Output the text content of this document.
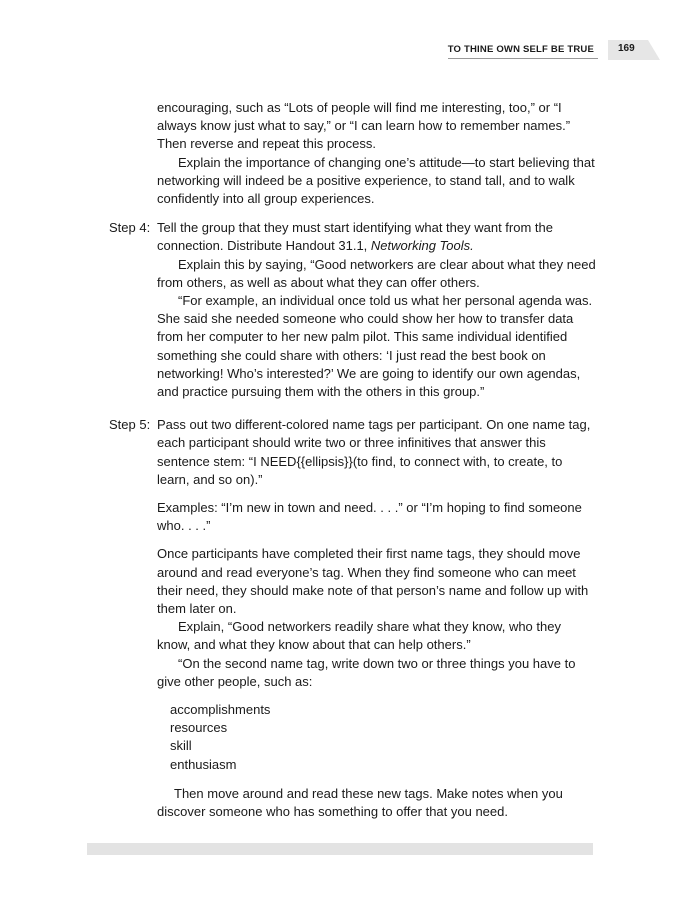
TO THINE OWN SELF BE TRUE 169

encouraging, such as “Lots of people will find me interesting, too,” or “I always know just what to say,” or “I can learn how to remember names.” Then reverse and repeat this process.

Explain the importance of changing one’s attitude—to start believing that networking will indeed be a positive experience, to stand tall, and to walk confidently into all group experiences.

Step 4: Tell the group that they must start identifying what they want from the connection. Distribute Handout 31.1, Networking Tools.

Explain this by saying, “Good networkers are clear about what they need from others, as well as about what they can offer others.

“For example, an individual once told us what her personal agenda was. She said she needed someone who could show her how to transfer data from her computer to her new palm pilot. This same individual identified something she could share with others: ‘I just read the best book on networking! Who’s interested?’ We are going to identify our own agendas, and practice pursuing them with the others in this group.”

Step 5: Pass out two different-colored name tags per participant. On one name tag, each participant should write two or three infinitives that answer this sentence stem: “I NEED{{ellipsis}}(to find, to connect with, to create, to learn, and so on).”

Examples: “I’m new in town and need. . . .” or “I’m hoping to find someone who. . . .”

Once participants have completed their first name tags, they should move around and read everyone’s tag. When they find someone who can meet their need, they should make note of that person’s name and follow up with them later on.

Explain, “Good networkers readily share what they know, who they know, and what they know about that can help others.”

“On the second name tag, write down two or three things you have to give other people, such as:

accomplishments
resources
skill
enthusiasm

Then move around and read these new tags. Make notes when you discover someone who has something to offer that you need.
